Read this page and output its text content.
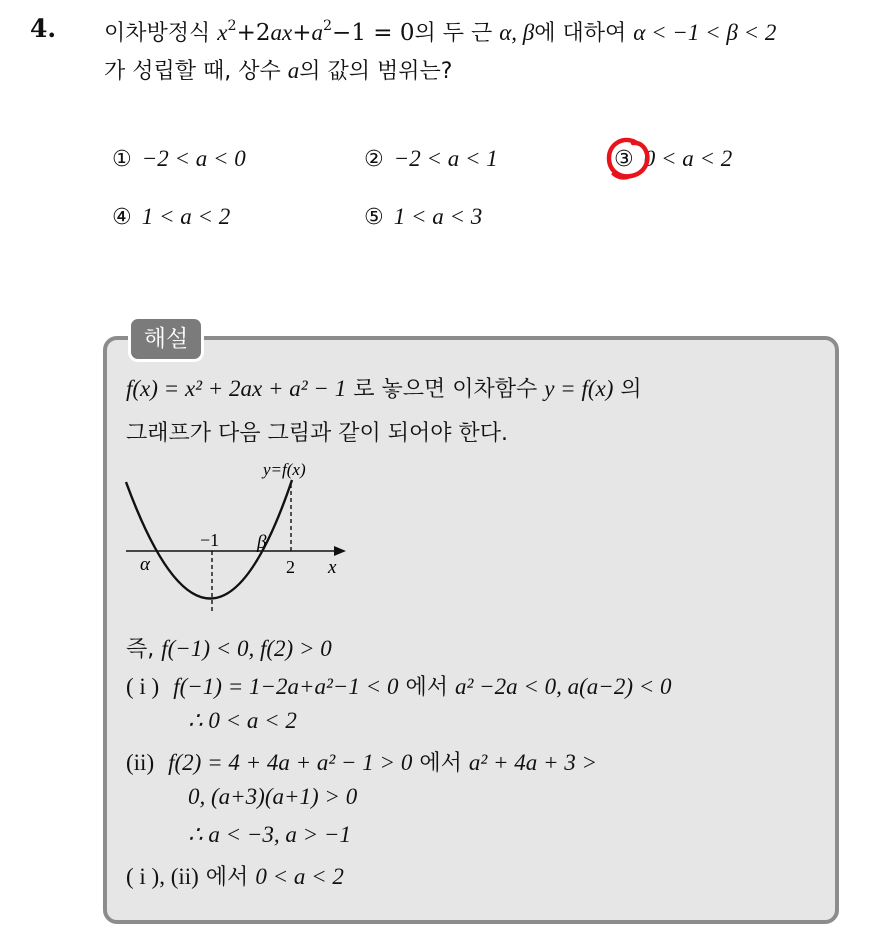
4. 이차방정식 $x^2+2ax+a^2-1 = 0$의 두 근 α, β에 대하여 α < −1 < β < 2
가 성립할 때, 상수 a의 값의 범위는?
① −2 < a < 0	② −2 < a < 1	③ 0 < a < 2
④ 1 < a < 2	⑤ 1 < a < 3
해설
f(x) = x² + 2ax + a² − 1 로 놓으면 이차함수 y = f(x) 의
그래프가 다음 그림과 같이 되어야 한다.
y=f(x)
−1 β
α	2 x
즉, f(−1) < 0, f(2) > 0
( i ) f(−1) = 1−2a+a²−1 < 0 에서 a² −2a < 0, a(a−2) < 0
∴ 0 < a < 2
(ii) f(2) = 4 + 4a + a² − 1 > 0 에서 a² + 4a + 3 >
0, (a+3)(a+1) > 0
∴ a < −3, a > −1
( i ), (ii) 에서 0 < a < 2
